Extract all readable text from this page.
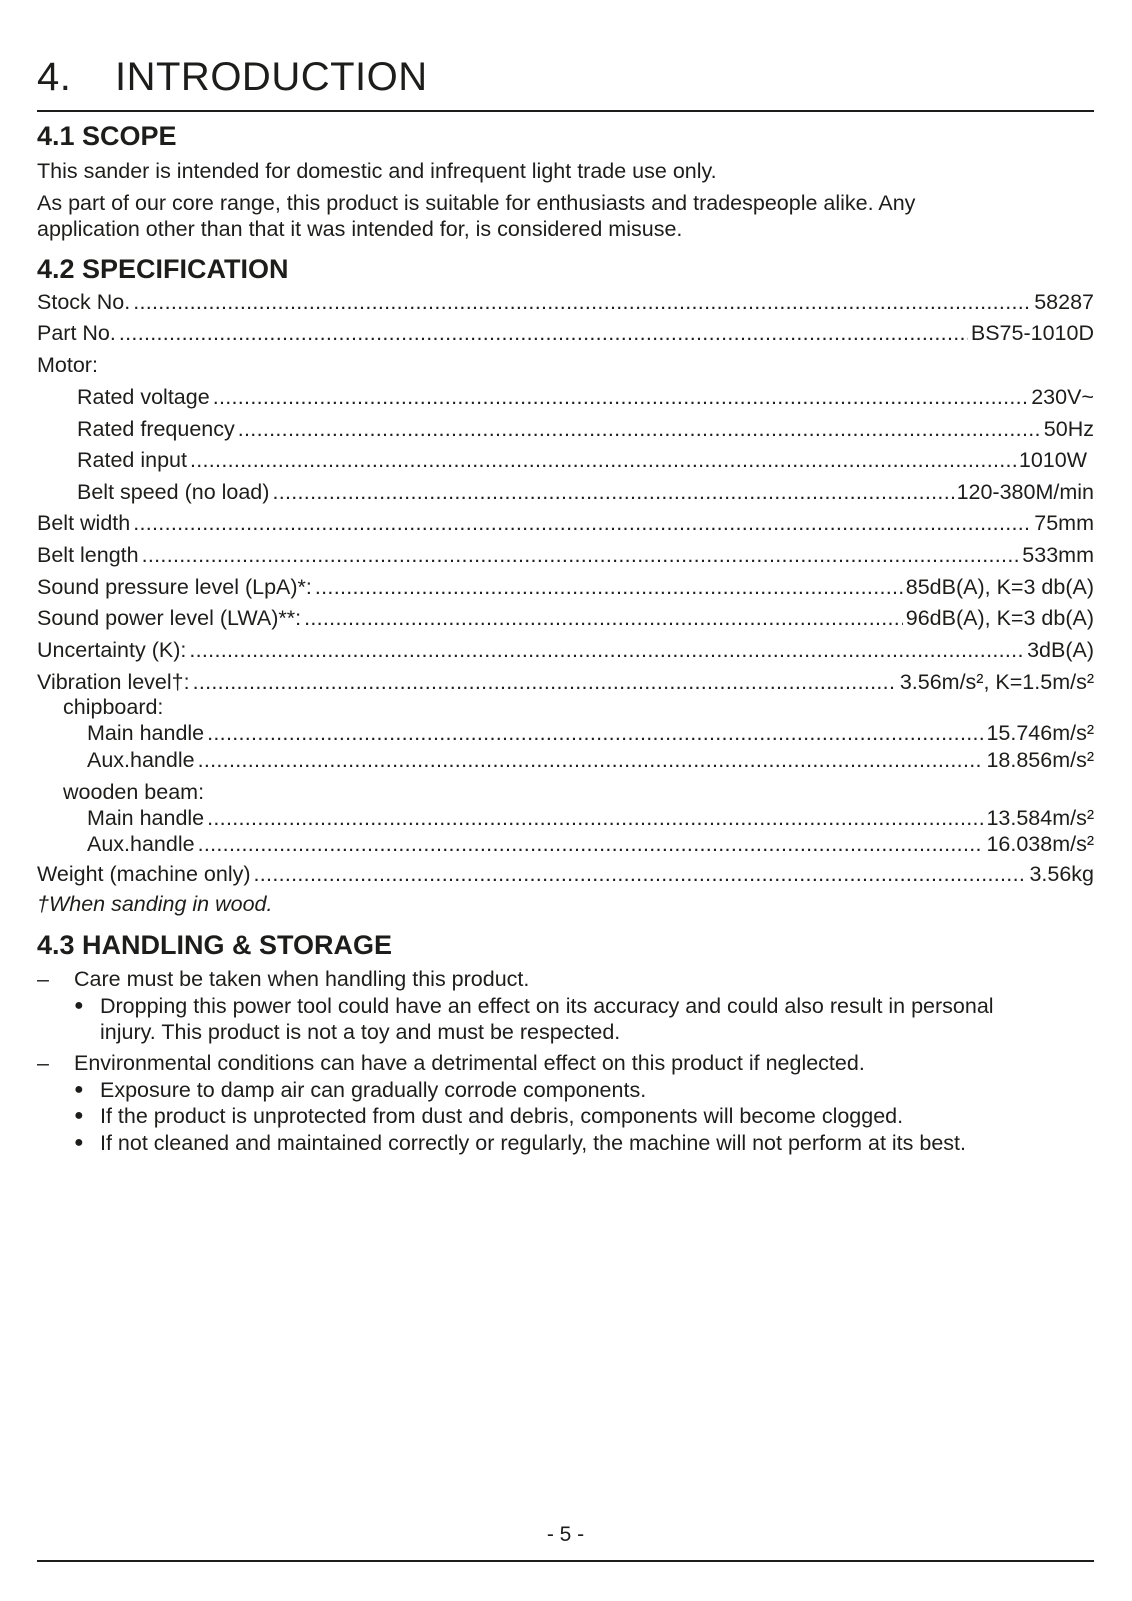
4. INTRODUCTION
4.1 SCOPE

This sander is intended for domestic and infrequent light trade use only.

As part of our core range, this product is suitable for enthusiasts and tradespeople alike. Any

application other than that it was intended for, is considered misuse.

4.2 SPECIFICATION
Stock No. .....	58287
Part No. .....	BS75-1010D
Motor:
Rated voltage .....	230V~
Rated frequency .....	50Hz
Rated input .....	1010W
Belt speed (no load) .....	120-380M/min
Belt width .....	75mm
Belt length .....	533mm
Sound pressure level (LpA)*: .....	85dB(A), K=3 db(A)
Sound power level (LWA)**: .....	96dB(A), K=3 db(A)
Uncertainty (K): .....	3dB(A)
Vibration level†: .....	3.56m/s², K=1.5m/s²
chipboard:
Main handle .....	15.746m/s²
Aux.handle .....	18.856m/s²
wooden beam:
Main handle .....	13.584m/s²
Aux.handle .....	16.038m/s²
Weight (machine only) .....	3.56kg
†When sanding in wood.
4.3 HANDLING & STORAGE
– Care must be taken when handling this product.
● Dropping this power tool could have an effect on its accuracy and could also result in personal
injury. This product is not a toy and must be respected.
– Environmental conditions can have a detrimental effect on this product if neglected.
● Exposure to damp air can gradually corrode components.
● If the product is unprotected from dust and debris, components will become clogged.
● If not cleaned and maintained correctly or regularly, the machine will not perform at its best.
- 5 -
